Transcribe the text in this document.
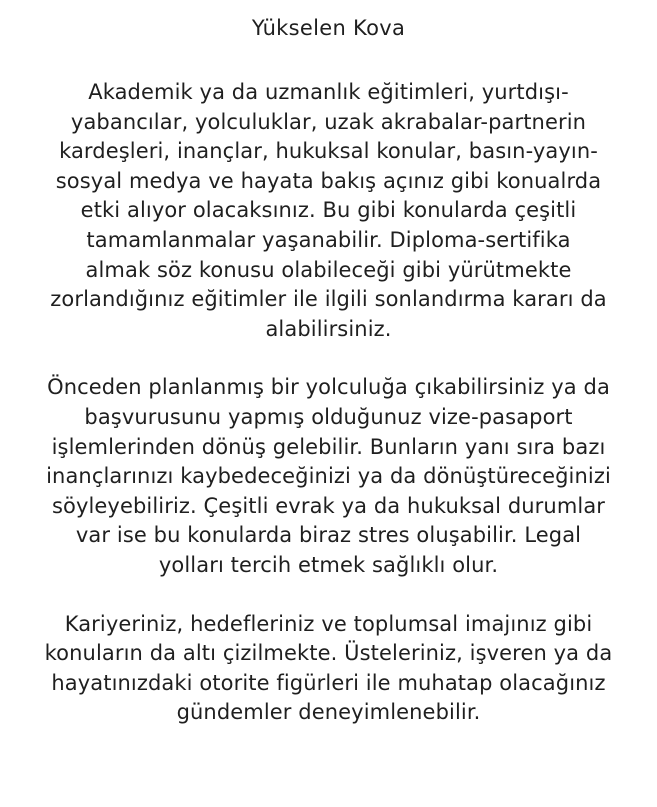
Yükselen Kova
Akademik ya da uzmanlık eğitimleri, yurtdışı-
yabancılar, yolculuklar, uzak akrabalar-partnerin
kardeşleri, inançlar, hukuksal konular, basın-yayın-
sosyal medya ve hayata bakış açınız gibi konualrda
etki alıyor olacaksınız. Bu gibi konularda çeşitli
tamamlanmalar yaşanabilir. Diploma-sertifika
almak söz konusu olabileceği gibi yürütmekte
zorlandığınız eğitimler ile ilgili sonlandırma kararı da
alabilirsiniz.
Önceden planlanmış bir yolculuğa çıkabilirsiniz ya da
başvurusunu yapmış olduğunuz vize-pasaport
işlemlerinden dönüş gelebilir. Bunların yanı sıra bazı
inançlarınızı kaybedeceğinizi ya da dönüştüreceğinizi
söyleyebiliriz. Çeşitli evrak ya da hukuksal durumlar
var ise bu konularda biraz stres oluşabilir. Legal
yolları tercih etmek sağlıklı olur.
Kariyeriniz, hedefleriniz ve toplumsal imajınız gibi
konuların da altı çizilmekte. Üsteleriniz, işveren ya da
hayatınızdaki otorite figürleri ile muhatap olacağınız
gündemler deneyimlenebilir.
